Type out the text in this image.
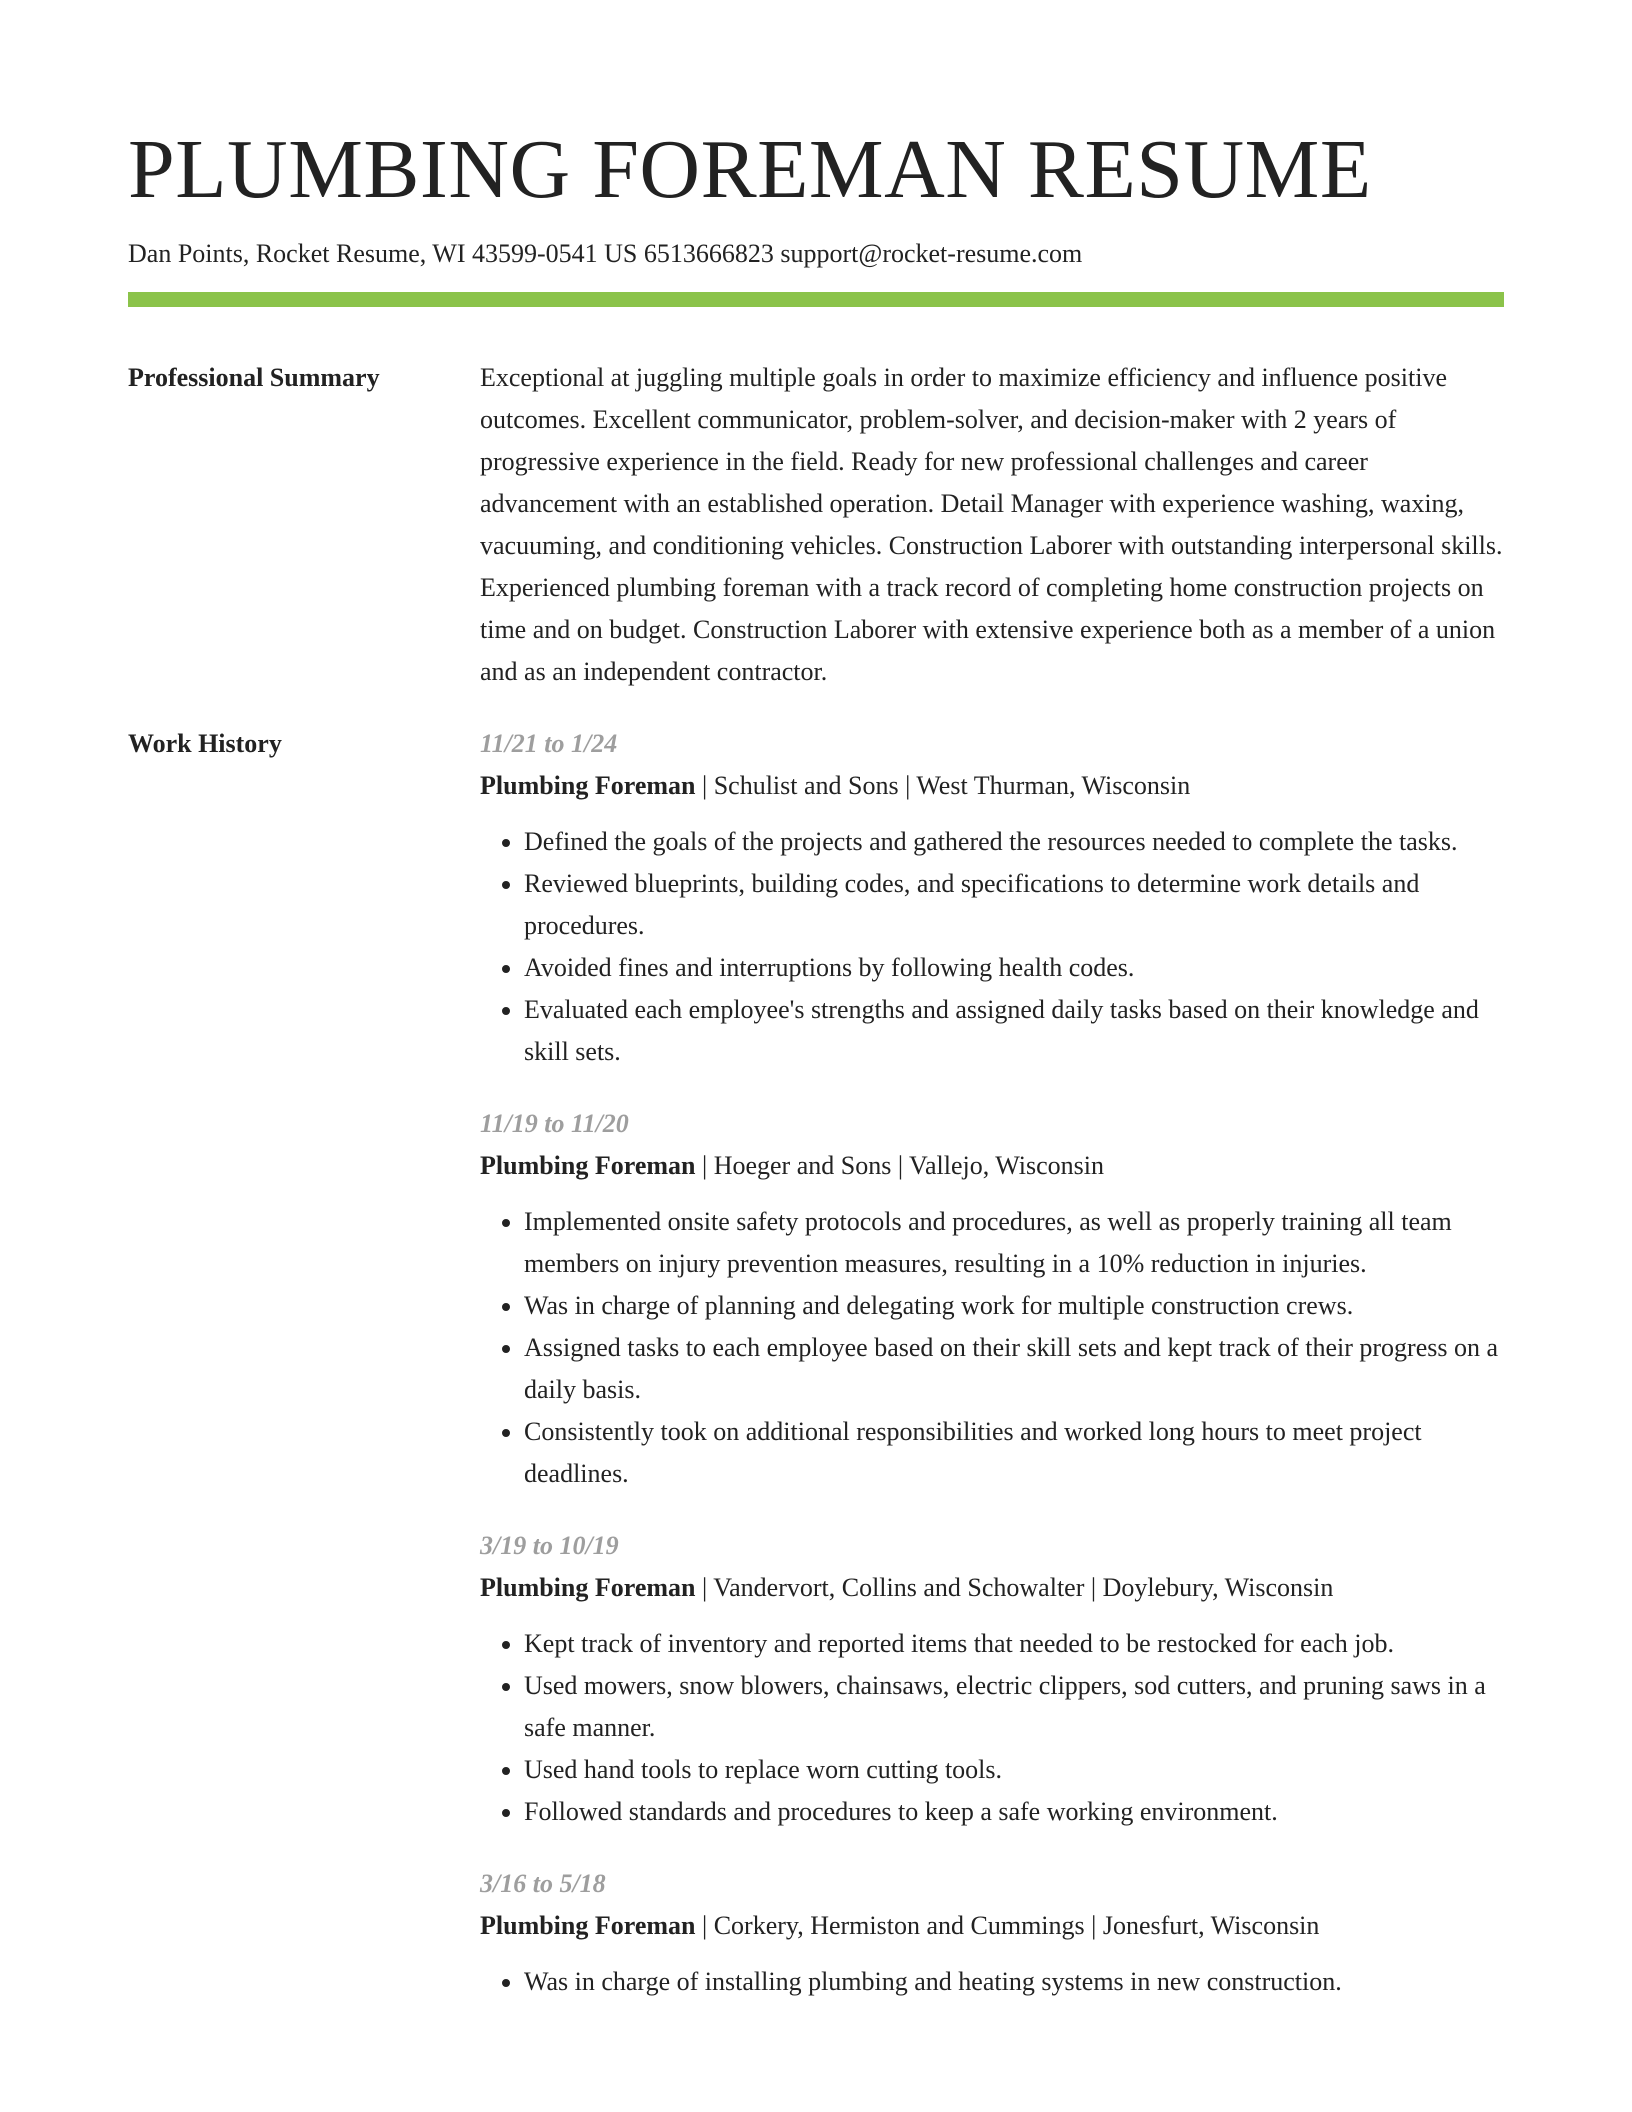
PLUMBING FOREMAN RESUME
Dan Points, Rocket Resume, WI 43599-0541 US 6513666823 support@rocket-resume.com
Professional Summary	Exceptional at juggling multiple goals in order to maximize efficiency and influence positive outcomes. Excellent communicator, problem-solver, and decision-maker with 2 years of progressive experience in the field. Ready for new professional challenges and career advancement with an established operation. Detail Manager with experience washing, waxing, vacuuming, and conditioning vehicles. Construction Laborer with outstanding interpersonal skills. Experienced plumbing foreman with a track record of completing home construction projects on time and on budget. Construction Laborer with extensive experience both as a member of a union and as an independent contractor.
Work History	11/21 to 1/24
Plumbing Foreman | Schulist and Sons | West Thurman, Wisconsin
• Defined the goals of the projects and gathered the resources needed to complete the tasks.
• Reviewed blueprints, building codes, and specifications to determine work details and procedures.
• Avoided fines and interruptions by following health codes.
• Evaluated each employee's strengths and assigned daily tasks based on their knowledge and skill sets.
11/19 to 11/20
Plumbing Foreman | Hoeger and Sons | Vallejo, Wisconsin
• Implemented onsite safety protocols and procedures, as well as properly training all team members on injury prevention measures, resulting in a 10% reduction in injuries.
• Was in charge of planning and delegating work for multiple construction crews.
• Assigned tasks to each employee based on their skill sets and kept track of their progress on a daily basis.
• Consistently took on additional responsibilities and worked long hours to meet project deadlines.
3/19 to 10/19
Plumbing Foreman | Vandervort, Collins and Schowalter | Doylebury, Wisconsin
• Kept track of inventory and reported items that needed to be restocked for each job.
• Used mowers, snow blowers, chainsaws, electric clippers, sod cutters, and pruning saws in a safe manner.
• Used hand tools to replace worn cutting tools.
• Followed standards and procedures to keep a safe working environment.
3/16 to 5/18
Plumbing Foreman | Corkery, Hermiston and Cummings | Jonesfurt, Wisconsin
• Was in charge of installing plumbing and heating systems in new construction.
